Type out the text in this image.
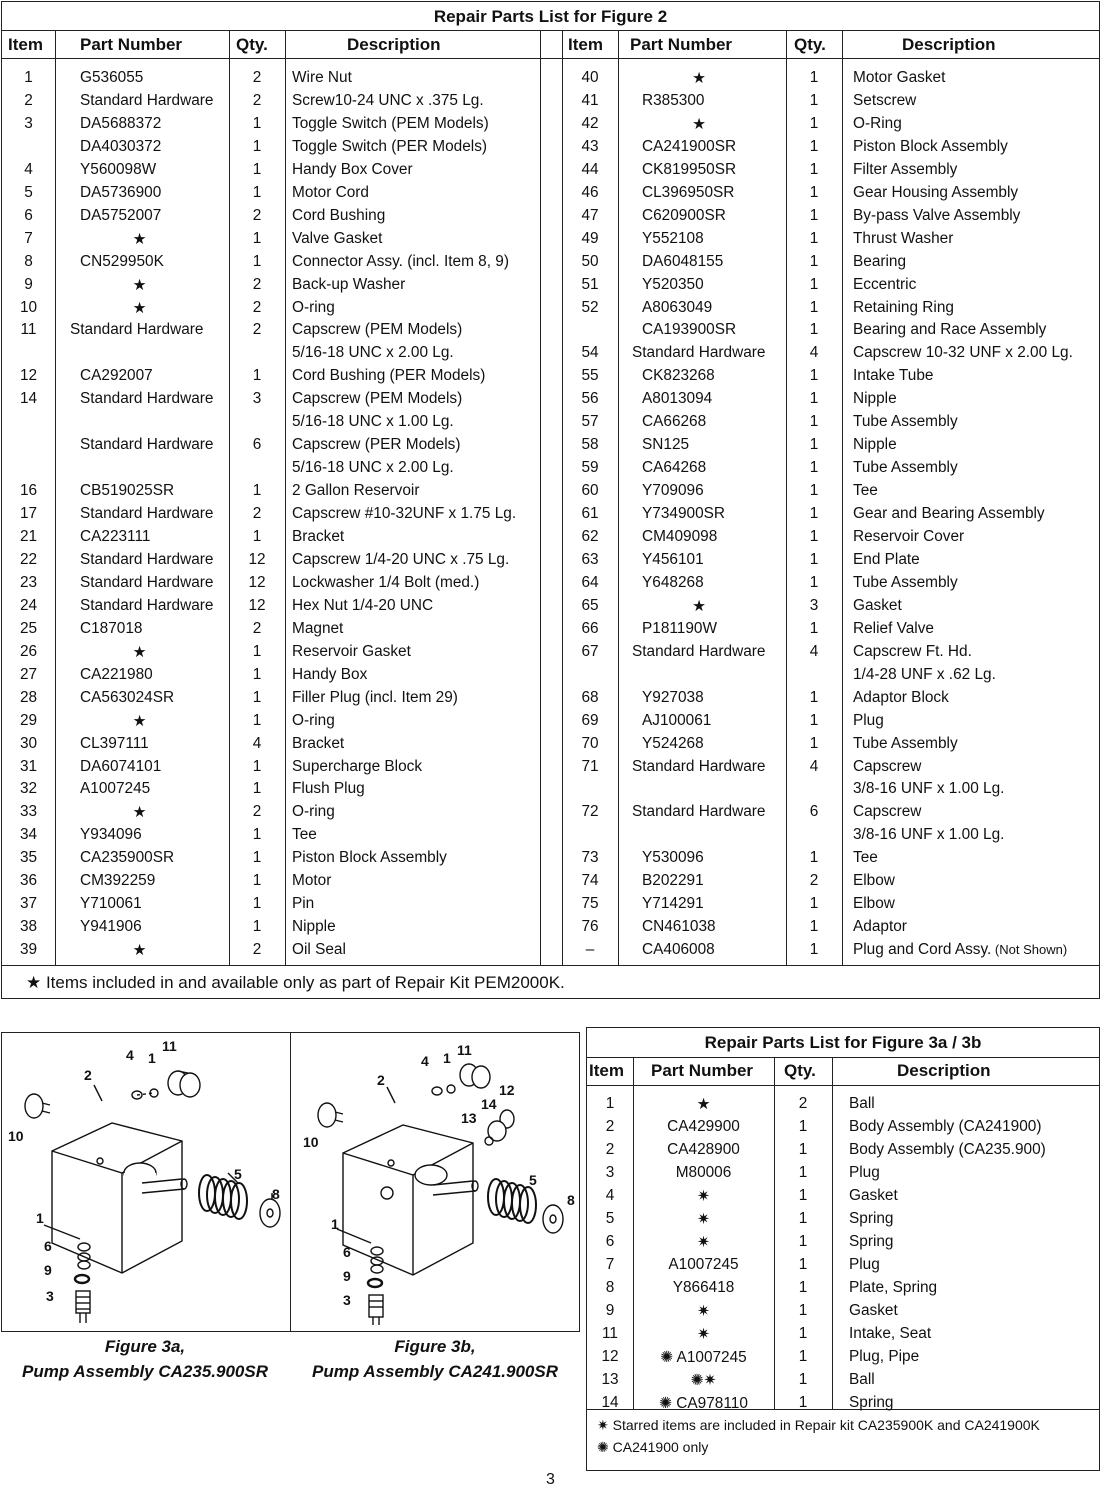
Repair Parts List for Figure 2
Item Part Number	Qty.	Description	Item Part Number	Qty.	Description
1	G536055	2	Wire Nut
2	Standard Hardware	2	Screw10-24 UNC x .375 Lg.
3	DA5688372	1	Toggle Switch (PEM Models)
DA4030372	1	Toggle Switch (PER Models)
4	Y560098W	1	Handy Box Cover
5	DA5736900	1	Motor Cord
6	DA5752007	2	Cord Bushing
7	★	1	Valve Gasket
8	CN529950K	1	Connector Assy. (incl. Item 8, 9)
9	★	2	Back-up Washer
10	★	2	O-ring
11	Standard Hardware	2	Capscrew (PEM Models)
5/16-18 UNC x 2.00 Lg.
12	CA292007	1	Cord Bushing (PER Models)
14	Standard Hardware	3	Capscrew (PEM Models)
5/16-18 UNC x 1.00 Lg.
Standard Hardware	6	Capscrew (PER Models)
5/16-18 UNC x 2.00 Lg.
16	CB519025SR	1	2 Gallon Reservoir
17	Standard Hardware	2	Capscrew #10-32UNF x 1.75 Lg.
21	CA223111	1	Bracket
22	Standard Hardware	12	Capscrew 1/4-20 UNC x .75 Lg.
23	Standard Hardware	12	Lockwasher 1/4 Bolt (med.)
24	Standard Hardware	12	Hex Nut 1/4-20 UNC
25	C187018	2	Magnet
26	★	1	Reservoir Gasket
27	CA221980	1	Handy Box
28	CA563024SR	1	Filler Plug (incl. Item 29)
29	★	1	O-ring
30	CL397111	4	Bracket
31	DA6074101	1	Supercharge Block
32	A1007245	1	Flush Plug
33	★	2	O-ring
34	Y934096	1	Tee
35	CA235900SR	1	Piston Block Assembly
36	CM392259	1	Motor
37	Y710061	1	Pin
38	Y941906	1	Nipple
39	★	2	Oil Seal
40	★	1	Motor Gasket
41	R385300	1	Setscrew
42	★	1	O-Ring
43	CA241900SR	1	Piston Block Assembly
44	CK819950SR	1	Filter Assembly
46	CL396950SR	1	Gear Housing Assembly
47	C620900SR	1	By-pass Valve Assembly
49	Y552108	1	Thrust Washer
50	DA6048155	1	Bearing
51	Y520350	1	Eccentric
52	A8063049	1	Retaining Ring
CA193900SR	1	Bearing and Race Assembly
54	Standard Hardware	4	Capscrew 10-32 UNF x 2.00 Lg.
55	CK823268	1	Intake Tube
56	A8013094	1	Nipple
57	CA66268	1	Tube Assembly
58	SN125	1	Nipple
59	CA64268	1	Tube Assembly
60	Y709096	1	Tee
61	Y734900SR	1	Gear and Bearing Assembly
62	CM409098	1	Reservoir Cover
63	Y456101	1	End Plate
64	Y648268	1	Tube Assembly
65	★	3	Gasket
66	P181190W	1	Relief Valve
67	Standard Hardware	4	Capscrew Ft. Hd.
1/4-28 UNF x .62 Lg.
68	Y927038	1	Adaptor Block
69	AJ100061	1	Plug
70	Y524268	1	Tube Assembly
71	Standard Hardware	4	Capscrew
3/8-16 UNF x 1.00 Lg.
72	Standard Hardware	6	Capscrew
3/8-16 UNF x 1.00 Lg.
73	Y530096	1	Tee
74	B202291	2	Elbow
75	Y714291	1	Elbow
76	CN461038	1	Adaptor
–	CA406008	1	Plug and Cord Assy. (Not Shown)
★ Items included in and available only as part of Repair Kit PEM2000K.
2
4 1
11
10
5
8
1
6
9
3
2
4 1 11
12
14
13
10
5
8
1
6
9
3
Figure 3a,
Pump Assembly CA235.900SR
Figure 3b,
Pump Assembly CA241.900SR
Repair Parts List for Figure 3a / 3b
Item Part Number Qty.	Description
1	★	2	Ball
2	CA429900	1	Body Assembly (CA241900)
2	CA428900	1	Body Assembly (CA235.900)
3	M80006	1	Plug
4	✷	1	Gasket
5	✷	1	Spring
6	✷	1	Spring
7	A1007245	1	Plug
8	Y866418	1	Plate, Spring
9	✷	1	Gasket
11	✷	1	Intake, Seat
12	✺ A1007245	1	Plug, Pipe
13	✺✷	1	Ball
14	✺ CA978110	1	Spring
✷ Starred items are included in Repair kit CA235900K and CA241900K
✺ CA241900 only
3
